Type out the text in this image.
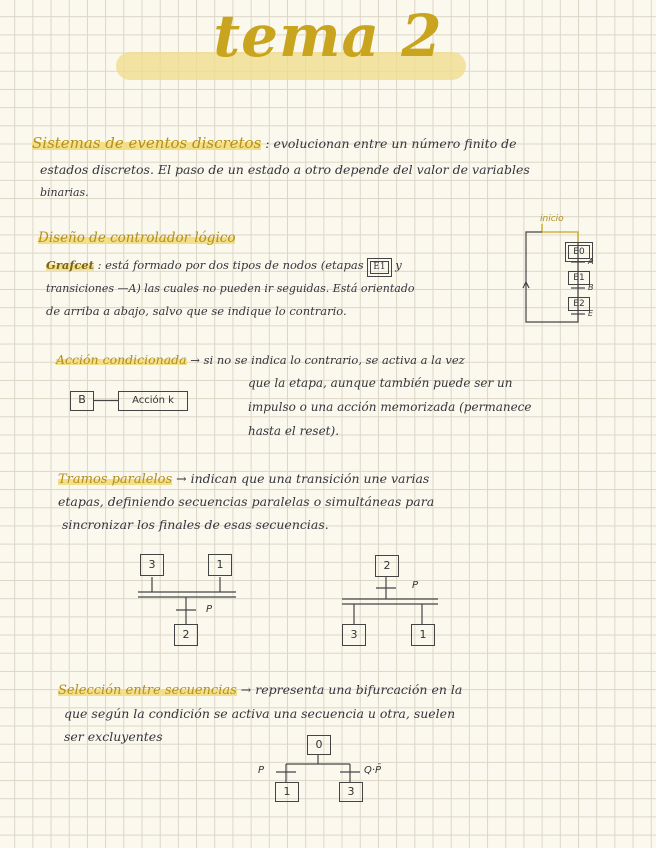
tema 2
Sistemas de eventos discretos : evolucionan entre un número finito de
estados discretos. El paso de un estado a otro depende del valor de variables
binarias.
Diseño de controlador lógico
Grafcet : está formado por dos tipos de nodos (etapas E1 y
transiciones —A) las cuales no pueden ir seguidas. Está orientado
de arriba a abajo, salvo que se indique lo contrario.
inicio
E0
E1
E2
A
B
E
Acción condicionada → si no se indica lo contrario, se activa a la vez
que la etapa, aunque también puede ser un
impulso o una acción memorizada (permanece
hasta el reset).
B	Acción k
Tramos paralelos → indican que una transición une varias
etapas, definiendo secuencias paralelas o simultáneas para
sincronizar los finales de esas secuencias.
3	1
P
2
2
P
3	1
Selección entre secuencias → representa una bifurcación en la
que según la condición se activa una secuencia u otra, suelen
ser excluyentes
0
P	Q·P̄
1	3
